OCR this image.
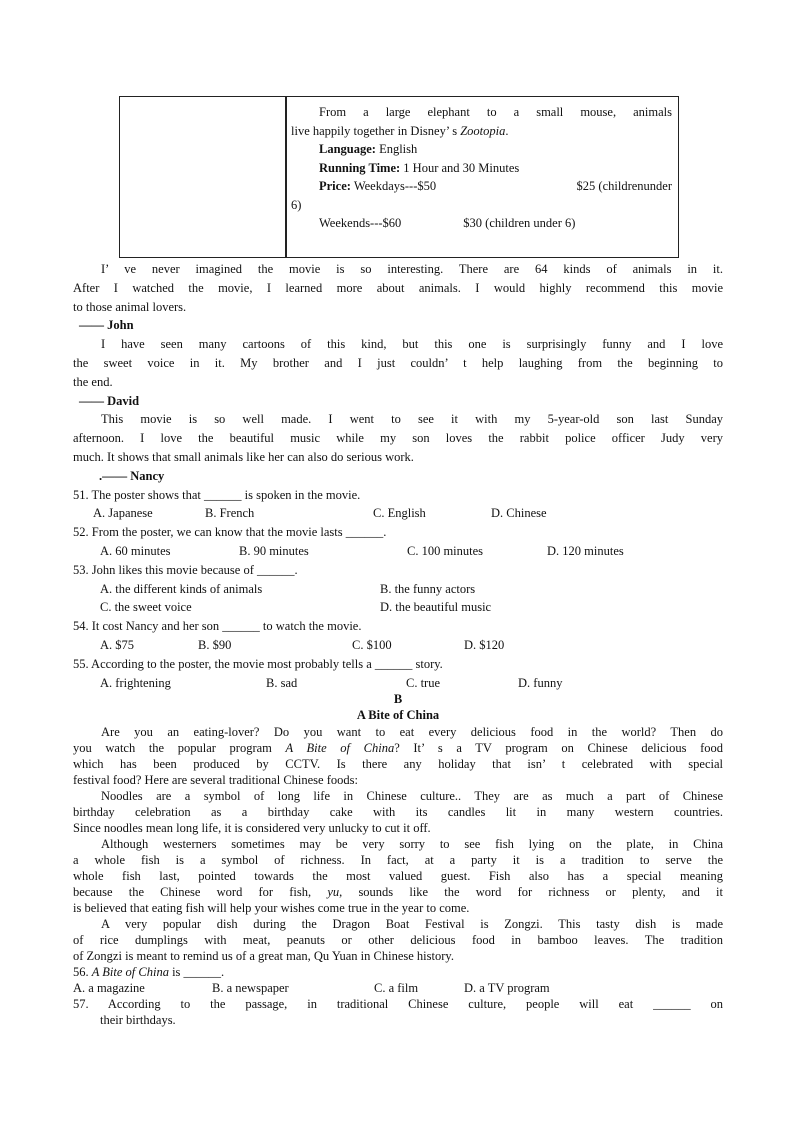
From a large elephant to a small mouse, animals
live happily together in Disney’ s Zootopia.
Language: English
Running Time: 1 Hour and 30 Minutes
Price: Weekdays---$50	$25 (childrenunder
6)
Weekends---$60	$30 (children under 6)
I’ ve never imagined the movie is so interesting. There are 64 kinds of animals in it.
After I watched the movie, I learned more about animals. I would highly recommend this movie
to those animal lovers.
—— John
I have seen many cartoons of this kind, but this one is surprisingly funny and I love
the sweet voice in it. My brother and I just couldn’ t help laughing from the beginning to
the end.
—— David
This movie is so well made. I went to see it with my 5-year-old son last Sunday
afternoon. I love the beautiful music while my son loves the rabbit police officer Judy very
much. It shows that small animals like her can also do serious work.
.—— Nancy
51. The poster shows that ______ is spoken in the movie.
A. Japanese	B. French	C. English	D. Chinese
52. From the poster, we can know that the movie lasts ______.
A. 60 minutes	B. 90 minutes	C. 100 minutes	D. 120 minutes
53. John likes this movie because of ______.
A. the different kinds of animals	B. the funny actors
C. the sweet voice	D. the beautiful music
54. It cost Nancy and her son ______ to watch the movie.
A. $75	B. $90	C. $100	D. $120
55. According to the poster, the movie most probably tells a ______ story.
A. frightening	B. sad	C. true	D. funny
B
A Bite of China
Are you an eating-lover? Do you want to eat every delicious food in the world? Then do
you watch the popular program A Bite of China? It’ s a TV program on Chinese delicious food
which has been produced by CCTV. Is there any holiday that isn’ t celebrated with special
festival food? Here are several traditional Chinese foods:
Noodles are a symbol of long life in Chinese culture.. They are as much a part of Chinese
birthday celebration as a birthday cake with its candles lit in many western countries.
Since noodles mean long life, it is considered very unlucky to cut it off.
Although westerners sometimes may be very sorry to see fish lying on the plate, in China
a whole fish is a symbol of richness. In fact, at a party it is a tradition to serve the
whole fish last, pointed towards the most valued guest. Fish also has a special meaning
because the Chinese word for fish, yu, sounds like the word for richness or plenty, and it
is believed that eating fish will help your wishes come true in the year to come.
A very popular dish during the Dragon Boat Festival is Zongzi. This tasty dish is made
of rice dumplings with meat, peanuts or other delicious food in bamboo leaves. The tradition
of Zongzi is meant to remind us of a great man, Qu Yuan in Chinese history.
56. A Bite of China is ______.
A. a magazine	B. a newspaper	C. a film	D. a TV program
57. According to the passage, in traditional Chinese culture, people will eat ______ on
their birthdays.
